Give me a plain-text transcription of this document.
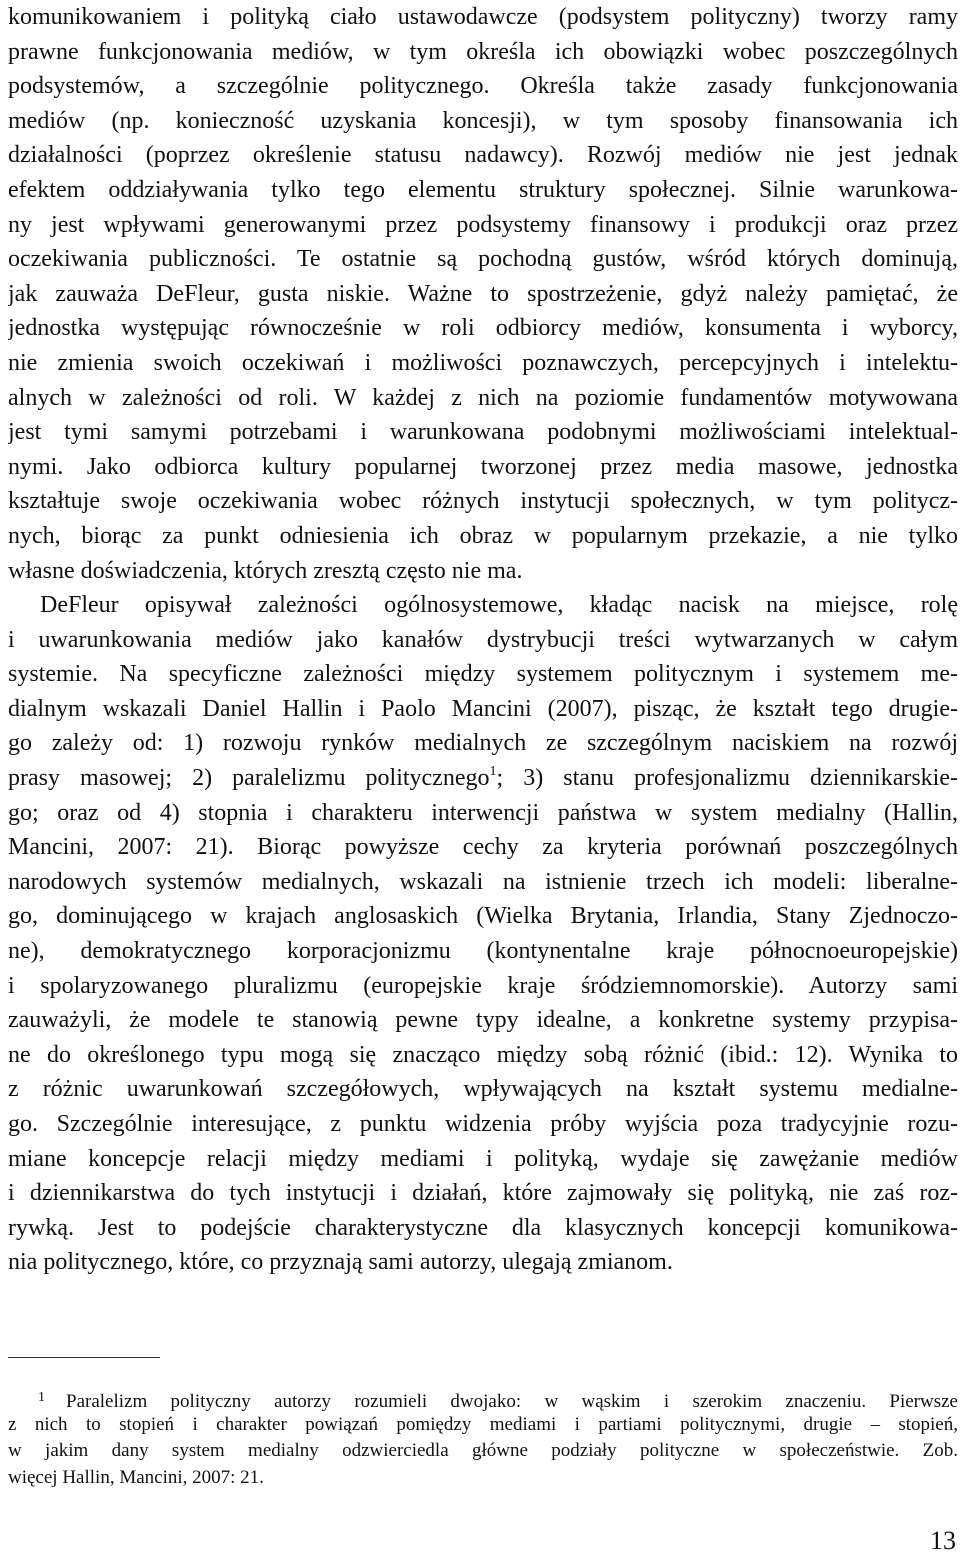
komunikowaniem i polityką ciało ustawodawcze (podsystem polityczny) tworzy ramy
prawne funkcjonowania mediów, w tym określa ich obowiązki wobec poszczególnych
podsystemów, a szczególnie politycznego. Określa także zasady funkcjonowania
mediów (np. konieczność uzyskania koncesji), w tym sposoby finansowania ich
działalności (poprzez określenie statusu nadawcy). Rozwój mediów nie jest jednak
efektem oddziaływania tylko tego elementu struktury społecznej. Silnie warunkowa-
ny jest wpływami generowanymi przez podsystemy finansowy i produkcji oraz przez
oczekiwania publiczności. Te ostatnie są pochodną gustów, wśród których dominują,
jak zauważa DeFleur, gusta niskie. Ważne to spostrzeżenie, gdyż należy pamiętać, że
jednostka występując równocześnie w roli odbiorcy mediów, konsumenta i wyborcy,
nie zmienia swoich oczekiwań i możliwości poznawczych, percepcyjnych i intelektu-
alnych w zależności od roli. W każdej z nich na poziomie fundamentów motywowana
jest tymi samymi potrzebami i warunkowana podobnymi możliwościami intelektual-
nymi. Jako odbiorca kultury popularnej tworzonej przez media masowe, jednostka
kształtuje swoje oczekiwania wobec różnych instytucji społecznych, w tym politycz-
nych, biorąc za punkt odniesienia ich obraz w popularnym przekazie, a nie tylko
własne doświadczenia, których zresztą często nie ma.
DeFleur opisywał zależności ogólnosystemowe, kładąc nacisk na miejsce, rolę
i uwarunkowania mediów jako kanałów dystrybucji treści wytwarzanych w całym
systemie. Na specyficzne zależności między systemem politycznym i systemem me-
dialnym wskazali Daniel Hallin i Paolo Mancini (2007), pisząc, że kształt tego drugie-
go zależy od: 1) rozwoju rynków medialnych ze szczególnym naciskiem na rozwój
prasy masowej; 2) paralelizmu politycznego$^1$; 3) stanu profesjonalizmu dziennikarskie-
go; oraz od 4) stopnia i charakteru interwencji państwa w system medialny (Hallin,
Mancini, 2007: 21). Biorąc powyższe cechy za kryteria porównań poszczególnych
narodowych systemów medialnych, wskazali na istnienie trzech ich modeli: liberalne-
go, dominującego w krajach anglosaskich (Wielka Brytania, Irlandia, Stany Zjednoczo-
ne), demokratycznego korporacjonizmu (kontynentalne kraje północnoeuropejskie)
i spolaryzowanego pluralizmu (europejskie kraje śródziemnomorskie). Autorzy sami
zauważyli, że modele te stanowią pewne typy idealne, a konkretne systemy przypisa-
ne do określonego typu mogą się znacząco między sobą różnić (ibid.: 12). Wynika to
z różnic uwarunkowań szczegółowych, wpływających na kształt systemu medialne-
go. Szczególnie interesujące, z punktu widzenia próby wyjścia poza tradycyjnie rozu-
miane koncepcje relacji między mediami i polityką, wydaje się zawężanie mediów
i dziennikarstwa do tych instytucji i działań, które zajmowały się polityką, nie zaś roz-
rywką. Jest to podejście charakterystyczne dla klasycznych koncepcji komunikowa-
nia politycznego, które, co przyznają sami autorzy, ulegają zmianom.
1 Paralelizm polityczny autorzy rozumieli dwojako: w wąskim i szerokim znaczeniu. Pierwsze
z nich to stopień i charakter powiązań pomiędzy mediami i partiami politycznymi, drugie – stopień,
w jakim dany system medialny odzwierciedla główne podziały polityczne w społeczeństwie. Zob.
więcej Hallin, Mancini, 2007: 21.
13
